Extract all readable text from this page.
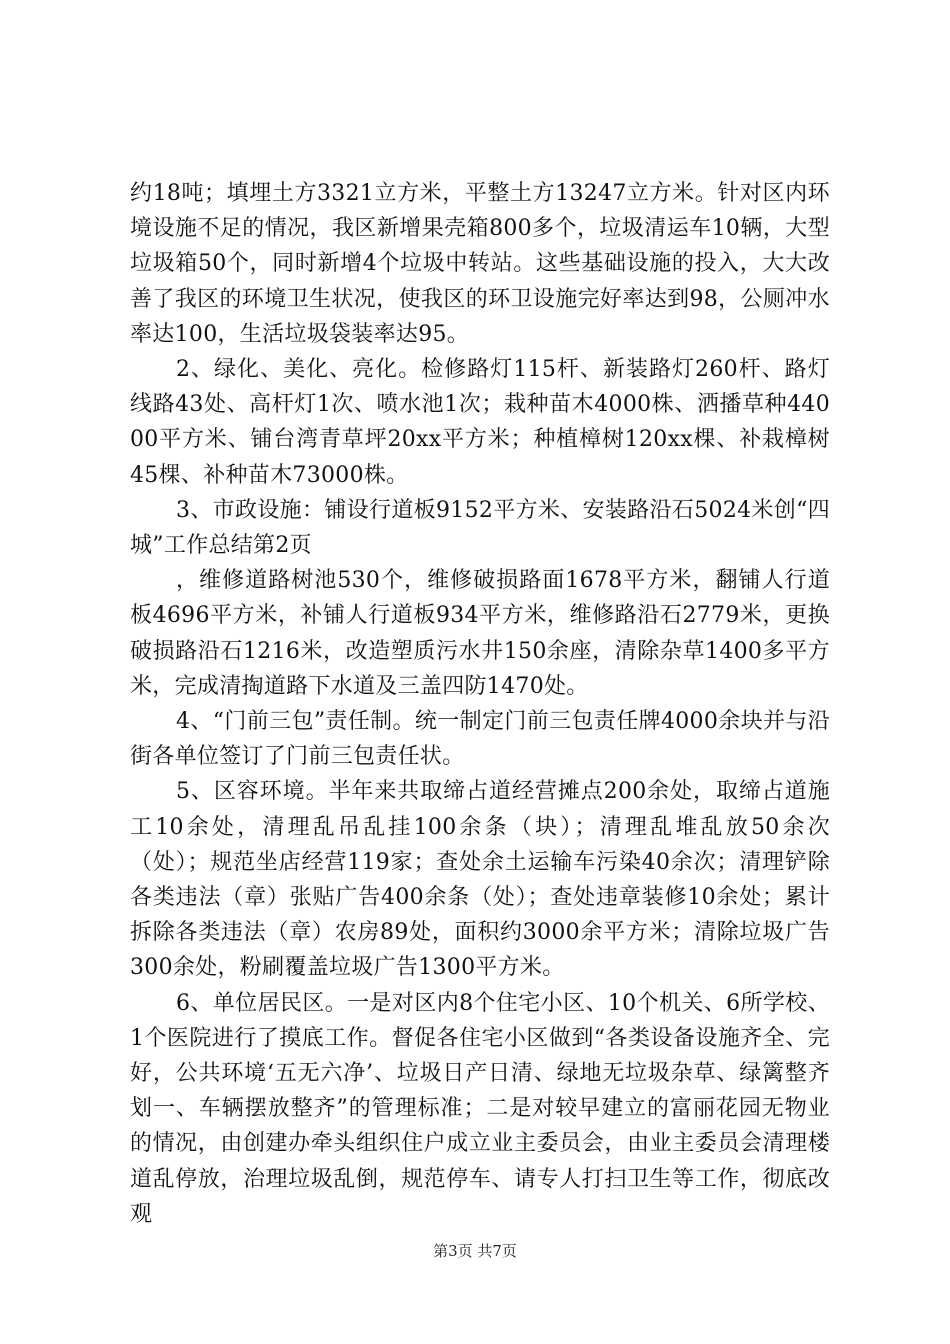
约18吨；填埋土方3321立方米，平整土方13247立方米。针对区内环境设施不足的情况，我区新增果壳箱800多个，垃圾清运车10辆，大型垃圾箱50个，同时新增4个垃圾中转站。这些基础设施的投入，大大改善了我区的环境卫生状况，使我区的环卫设施完好率达到98，公厕冲水率达100，生活垃圾袋装率达95。

2、绿化、美化、亮化。检修路灯115杆、新装路灯260杆、路灯线路43处、高杆灯1次、喷水池1次；栽种苗木4000株、洒播草种44000平方米、铺台湾青草坪20xx平方米；种植樟树120xx棵、补栽樟树45棵、补种苗木73000株。

3、市政设施：铺设行道板9152平方米、安装路沿石5024米创“四城”工作总结第2页

，维修道路树池530个，维修破损路面1678平方米，翻铺人行道板4696平方米，补铺人行道板934平方米，维修路沿石2779米，更换破损路沿石1216米，改造塑质污水井150余座，清除杂草1400多平方米，完成清掏道路下水道及三盖四防1470处。

4、“门前三包”责任制。统一制定门前三包责任牌4000余块并与沿街各单位签订了门前三包责任状。

5、区容环境。半年来共取缔占道经营摊点200余处，取缔占道施工10余处，清理乱吊乱挂100余条（块）；清理乱堆乱放50余次（处）；规范坐店经营119家；查处余土运输车污染40余次；清理铲除各类违法（章）张贴广告400余条（处）；查处违章装修10余处；累计拆除各类违法（章）农房89处，面积约3000余平方米；清除垃圾广告300余处，粉刷覆盖垃圾广告1300平方米。

6、单位居民区。一是对区内8个住宅小区、10个机关、6所学校、1个医院进行了摸底工作。督促各住宅小区做到“各类设备设施齐全、完好，公共环境‘五无六净’、垃圾日产日清、绿地无垃圾杂草、绿篱整齐划一、车辆摆放整齐”的管理标准；二是对较早建立的富丽花园无物业的情况，由创建办牵头组织住户成立业主委员会，由业主委员会清理楼道乱停放，治理垃圾乱倒，规范停车、请专人打扫卫生等工作，彻底改观

第3页 共7页
